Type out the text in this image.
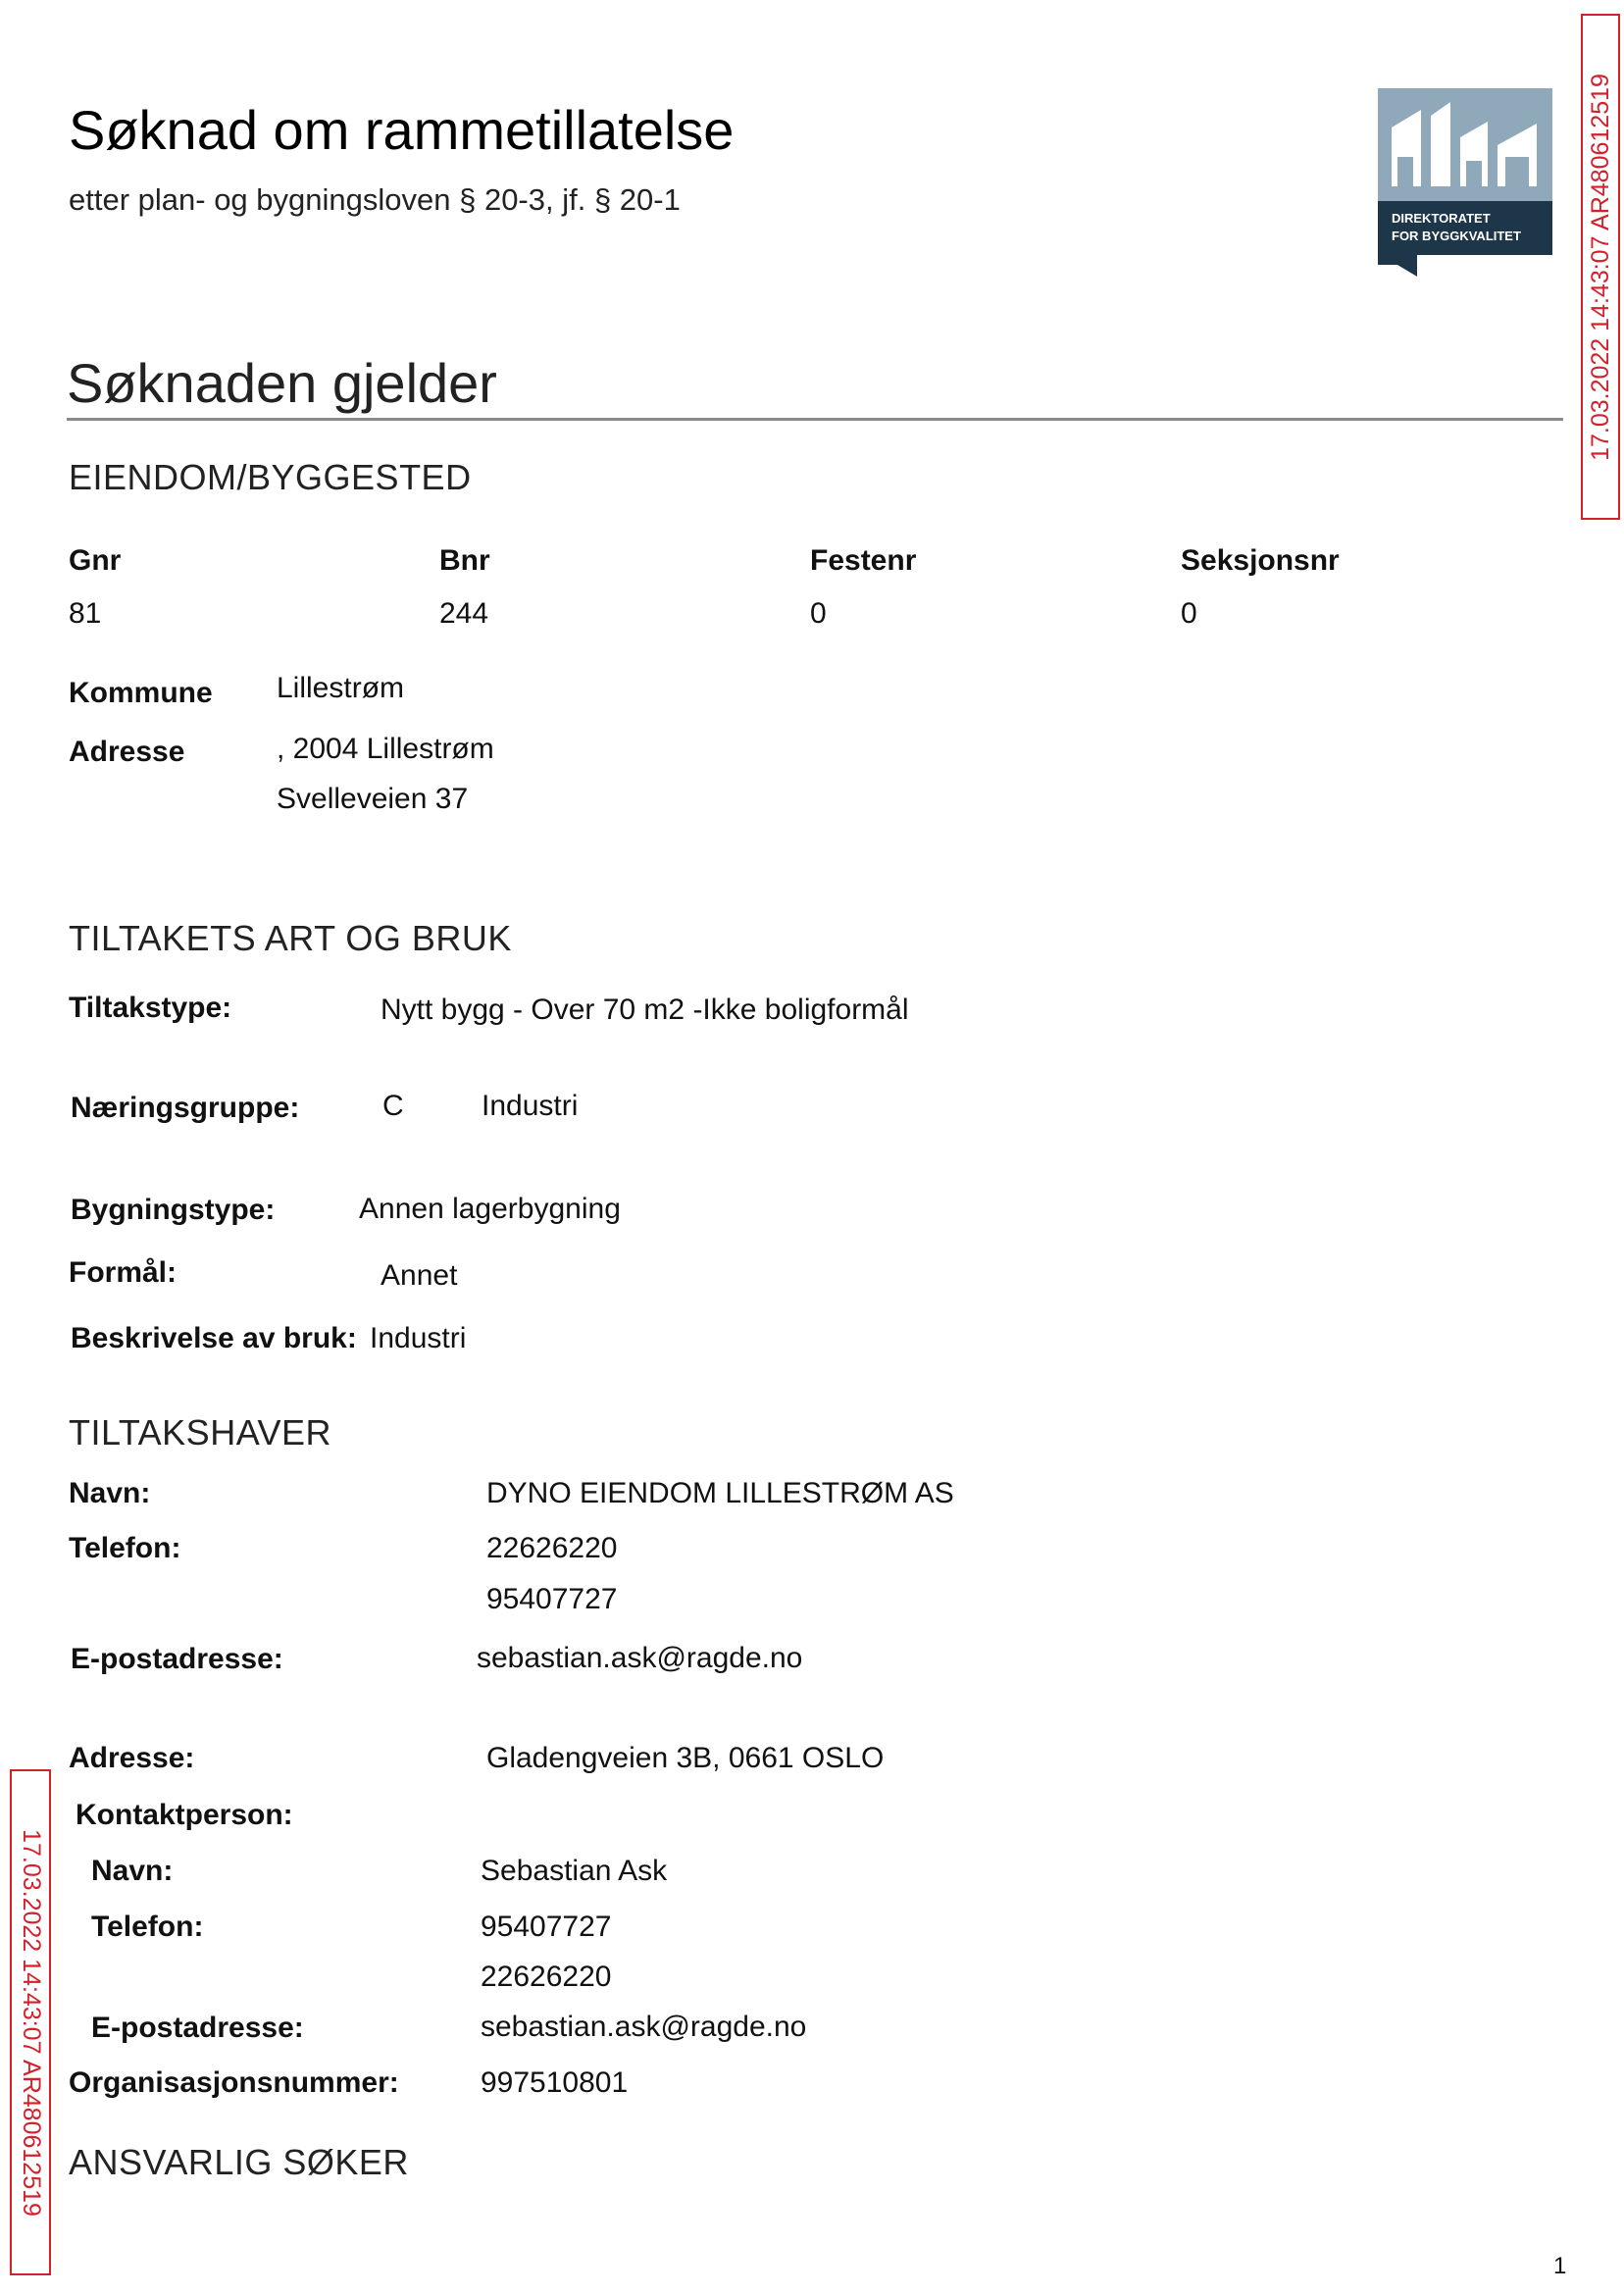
Søknad om rammetillatelse
etter plan- og bygningsloven § 20-3, jf. § 20-1
DIREKTORATET
FOR BYGGKVALITET	17.03.2022 14:43:07 AR480612519
17.03.2022 14:43:07 AR480612519
Søknaden gjelder
EIENDOM/BYGGESTED
Gnr	Bnr	Festenr	Seksjonsnr
81	244	0	0
Kommune Lillestrøm
Adresse	, 2004 Lillestrøm
Svelleveien 37
TILTAKETS ART OG BRUK
Tiltakstype:	Nytt bygg - Over 70 m2 -Ikke boligformål
Næringsgruppe:	C	Industri
Bygningstype:	Annen lagerbygning
Formål:	Annet
Beskrivelse av bruk: Industri
TILTAKSHAVER
Navn:	DYNO EIENDOM LILLESTRØM AS
Telefon:	22626220
95407727
E-postadresse:	sebastian.ask@ragde.no
Adresse:	Gladengveien 3B, 0661 OSLO
Kontaktperson:
Navn:	Sebastian Ask
Telefon:	95407727
22626220
E-postadresse:	sebastian.ask@ragde.no
Organisasjonsnummer:	997510801
ANSVARLIG SØKER
1
